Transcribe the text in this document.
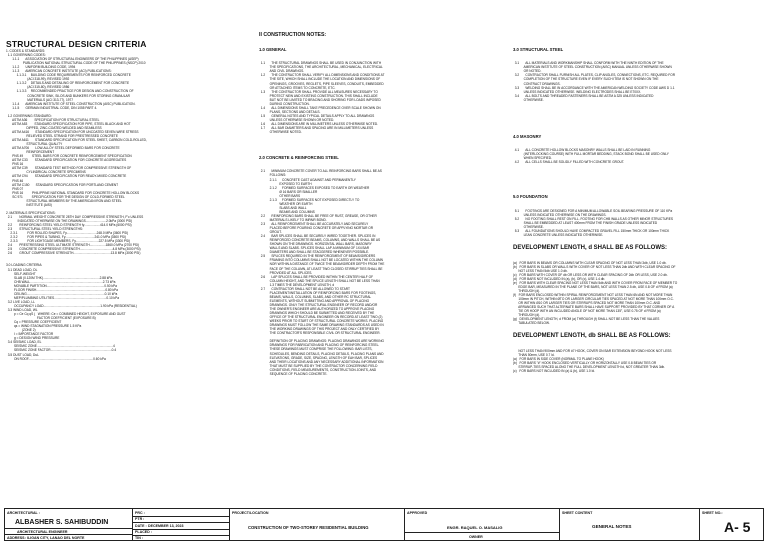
STRUCTURAL DESIGN CRITERIA
1. CODES & STANDARDS:
1.1 GOVERNING CODES:
1.1.1       ASSOCIATION OF STRUCTURAL ENGINEERS OF THE PHILIPPINES (ASEP)
PUBLICATION NATIONAL STRUCTURAL CODE OF THE PHILIPPINES (NSCP) 2010
1.1.2       UNIFORM BUILDING CODE, 1994
1.1.3       AMERICAN CONCRETE INSTITUTE (ACI) PUBLICATIONS:
1.1.3.1     BUILDING CODE REQUIREMENTS FOR REINFORCED CONCRETE
(ACI 318-99), REVISED 1992
1.1.3.2     DETAILS AND DETAILING OF REINFORCEMENT FOR CONCRETE
(ACI 315-80), REVISED 1986
1.1.3.3     RECOMMENDED PRACTICE FOR DESIGN AND CONSTRUCTION OF
CONCRETE SINK, SILOS AND BUNKERS FOR STORING GRANULAR
MATERIALS (ACI 313-77), 1977
1.1.4       AMERICAN INSTITUTE OF STEEL CONSTRUCTION (AISC) PUBLICATION.
1.1.5       GERMAN INDUSTRIAL CODE, DIN 1055 PART 4.

1.2 GOVERNING STANDARD:
ASTM A36        SPECIFICATION FOR STRUCTURAL STEEL
ASTM A53        STANDARD SPECIFICATION FOR PIPE, STEEL BLACK AND HOT
DIPPED, ZINC-COATED WELDED AND SEAMLESS
ASTM A416       STANDARD SPECIFICATION FOR UNCOATED SEVEN-WIRE STRESS
RELIEVED STEEL STRAND FOR PRESTRESSED CONCRETE
ASTM A611       STANDARD SPECIFICATION FOR STEEL SHEET, CARBON COLD-ROLLED,
STRUCTURAL QUALITY
ASTM A706       LOW-ALLOY STEEL DEFORMED BARS FOR CONCRETE
REINFORCEMENT
PNS 49          STEEL BARS FOR CONCRETE REINFORCEMENT SPECIFICATION
ASTM C33        STANDARD SPECIFICATION FOR CONCRETE AGGREGATES
PNS 16
ASTM C39        STANDARD TEST METHOD FOR COMPRESSIVE STRENGTH OF
CYLINDRICAL CONCRETE SPECIMENS
ASTM C94        STANDARD SPECIFICATION FOR READY-MIXED CONCRETE
PNS 46
ASTM C150       STANDARD SPECIFICATION FOR PORTLAND CEMENT
PNS 07
PNS 16          PHILIPPINE NATIONAL STANDARD FOR CONCRETE HOLLOW BLOCKS
SC 971          SPECIFICATION FOR THE DESIGN OF COLD-FORMED STEEL
STRUCTURAL MEMBERS BY THE AMERICAN IRON AND STEEL
INSTITUTE (AISI)

2. MATERIALS SPECIFICATIONS:
2.1        NORMAL WEIGHT CONCRETE 28TH DAY COMPRESSIVE STRENGTH, F'c UNLESS
INDICATED OTHERWISE ON THE DRAWINGS.......................2.0kPa (3000 PSI)
2.2        REINFORCING STEEL YIELD STRENGTH fy..................414.0 MPa (6000 PSI)
2.3        STRUCTURAL STEEL YIELD STRENGTHS:
2.3.1           FOR ROLLED SHAPES, Fy..................................248.0 MPa (3600 PSI)
2.3.2           FOR PIPES & TUBING, Fy.................................241.0 MPa (3500 PSI)
2.3.3           FOR LIGHTGAGE MEMBERS, Fy..........................227.5 MPa (3300 PSI)
2.4        PRESTRESSING STEEL ULTIMATE STRENGTH..................1860.0 MPa (2700 PSI)
2.5        CONCRETE COMPRESSIVE STRENGTH.....................................4.8 MPa (3000 PSI)
2.6        GROUT COMPRESSIVE STRENGTH..........................................13.8 MPa (3000 PSI)

3.0 LOADING CRITERIA:
3.1 DEAD LOAD, DL
SELF-WEIGHT
SLAB (0.120M THK)................................................................2.88 kPa
CHB WALL..................................................................................2.73 kPa
MOVABLE PARTITION.................................................................0.50 kPa
FLOOR FINISH..............................................................................0.80 kPa
CEILING........................................................................................0.10 kPa
MEP/PLUMBING UTILITIES...........................................................0.10 kPa
3.2 LIVE LOAD, LL
OCCUPANCY LOAD................................................................1.90 kPa (RESIDENTIAL)
3.3 WIND LOAD, WL
p = Ce Cq qS (   WHERE: Ce = COMBINED HEIGHT, EXPOSURE AND GUST
FACTOR COEFFICIENT (EXPOSURE B)
Cq = PRESSURE COEFFICIENT
qs = WIND STAGNATION PRESSURE 1.5 KPa
(ZONE 2)
I = IMPORTANCE FACTOR
g = DESIGN WIND PRESSURE
3.4 SEISMIC LOAD, EL
SEISMIC ZONE......................................................................................4
SEISMIC ZONE FACTOR.....................................................................0.4
3.5 DUST LOAD, DuL
ON ROOF.........................................................................0.60 kPa

II CONSTRUCTION NOTES:

1.0 GENERAL

1.1       THE STRUCTURAL DRAWINGS SHALL BE USED IN CONJUNCTION WITH
THE SPECIFICATIONS, THE ARCHITECTURAL, MECHANICAL, ELECTRICAL
AND CIVIL DRAWINGS.
1.2       THE CONTRACTOR SHALL VERIFY ALL DIMENSIONS AND CONDITIONS AT
THE SITE, WHICH SHALL INCLUDE THE LOCATION AND DIMENSIONS OF
OPENINGS, GROOVES, REGLETS, PIPE SLEEVES, CONDUITS, EMBEDDED
OR ATTACHED ITEMS TO CONCRETE, ETC.
1.3       THE CONTRACTOR SHALL PROVIDE ALL MEASURES NECESSARY TO
PROTECT NEW AND EXISTING CONSTRUCTION. THIS SHALL INCLUDE
BUT NOT BE LIMITED TO BRACING AND SHORING FOR LOADS IMPOSED
DURING CONSTRUCTION.
1.4       ALL DIMENSIONS SHALL TAKE PRECEDENCE OVER SCALE SHOWN ON
PLANS, SECTIONS AND DETAILS.
1.5       GENERAL NOTES AND TYPICAL DETAILS APPLY TO ALL DRAWINGS
UNLESS OTHERWISE SHOWN OR NOTED.
1.6       ALL DIMENSIONS ARE IN MILLIMETERS UNLESS OTHERWISE NOTED.
1.7       ALL BAR DIAMETERS AND SPACING ARE IN MILLIMETERS UNLESS
OTHERWISE NOTED.

2.0 CONCRETE & REINFORCING STEEL

2.1       MINIMUM CONCRETE COVER TO ALL REINFORCING BARS SHALL BE AS
FOLLOWS:
2.1.1      CONCRETE CAST AGAINST AND PERMANENTLY
EXPOSED TO EARTH
2.1.2      FORMED SURFACES EXPOSED TO EARTH OR WEATHER
Ø 16 BARS OR SMALLER
OTHER BARS
2.1.3      FORMED SURFACES NOT EXPOSED DIRECTLY TO
WEATHER OR EARTH
SLABS AND WALL
BEAMS AND COLUMNS
2.2       REINFORCING BARS SHALL BE FREE OF RUST, GREASE, OR OTHER
MATERIALS LIKELY TO IMPAIR BOND.
2.3       ALL REINFORCEMENT SHALL BE ACCURATELY AND SECURELY
PLACED BEFORE POURING CONCRETE OR APPLYING MORTAR OR
GROUT.
2.4       BAR SPLICES SHALL BE SECURELY WIRED TOGETHER. SPLICES IN
REINFORCED CONCRETE BEAMS, COLUMNS, AND WALLS SHALL BE AS
SHOWN ON THE DRAWINGS. HORIZONTAL WALL BARS, MASONRY
WALLS AND SLABS. SPLICES SHALL LAP A MINIMUM OF 1X4 BAR
DIAMETERS AND SHALL BE STAGGERED WHENEVER POSSIBLE.
2.5       SPLICES REQUIRED IN THE REINFORCEMENT OF BEAMS/GIRDERS
FRAMING INTO COLUMNS SHALL NOT BE LOCATED WITHIN THE COLUMN
NOR WITHIN A DISTANCE OF TWICE THE BEAM/GIRDER DEPTH FROM THE
FACE OF THE COLUMN, AT LEAST TWO CLOSED STIRRUP TIES SHALL BE
PROVIDED AT ALL SPLICES.
2.6       LAP SPLICES SHALL BE PROVIDED WITHIN THE CENTER HALF OF
COLUMN HEIGHT, AND THE SPLICE LENGTH SHALL NOT BE LESS THAN
1.3 TIMES THE DEVELOPMENT LENGTH, d
2.7       CONTRACTOR SHALL NOT BE ALLOWED TO START
PLACEMENT/INSTALLATION OF REINFORCING BARS FOR FOOTINGS,
BEAMS, WALLS, COLUMNS, SLABS, AND OTHER RC STRUCTURAL
ELEMENTS, WITHOUT SUBMITTING AND APPROVAL OF PLACING
DRAWINGS. ONLY THE STRUCTURAL ENGINEER OF RECORD AND/OR
THE OWNER'S ENGINEER ARE AUTHORIZED TO APPROVE PLACING
DRAWINGS WHICH SHOULD BE SUBMITTED AND RECEIVED BY THE
OFFICE OF THE STRUCTURAL ENGINEER ON RECORD AT LEAST TWO (2)
WEEKS PRIOR TO START OF STRUCTURAL CONCRETE WORKS. PLACING
DRAWINGS MUST FOLLOW THE SAME DRAWING STANDARDS AS USED IN
THE WORKING DRAWINGS OF THIS PROJECT AND ONLY CERTIFIED BY
THE CONTRACTOR'S RESPONSIBLE CIVIL OR STRUCTURAL ENGINEER.

DEFINITION OF PLACING DRAWINGS: PLACING DRAWINGS ARE WORKING
DRAWINGS FOR FABRICATION AND PLACING OF REINFORCING STEEL.
THESE DRAWINGS MUST COMPRISE THE FOLLOWING: BAR LISTS,
SCHEDULES, BENDING DETAILS, PLACING DETAILS, PLACING PLANS AND
ELEVATIONS, GRADE, SIZE, SPACING, LENGTH OF EAH BAR, SPLICES
AND THEIR LOCATIONS AND ANY NECESSARY ADDITIONAL INFORMATION
THAT MUST BE SUPPLIED BY THE CONTRACTOR CONCERNING FIELD
CONDITIONS, FIELD MEASUREMENTS, CONSTRUCTION JOINTS, AND
SEQUENCE OF PLACING CONCRETE.

3.0 STRUCTURAL STEEL

3.1       ALL MATERIALS AND WORKMANSHIP SHALL CONFORM WITH THE NINTH EDITION OF THE
AMERICAN INSTITUTE OF STEEL CONSTRUCTION (AISC) MANUAL UNLESS OTHERWISE SHOWN
OR NOTED.
3.2       CONTRACTOR SHALL FURNISH ALL PLATES, CLIP ANGLES, CONNECTIONS, ETC. REQUIRED FOR
COMPLETION OF THE STRUCTURE EVEN IF EVERY SUCH ITEM IS NOT SHOWN ON THE
CONTRACT DRAWINGS.
3.3       WELDING SHALL BE IN ACCORDANCE WITH THE AMERICAN WELDING SOCIETY CODE AWS D 1.1
UNLESS INDICATED OTHERWISE. WELDING ELECTRODES SHALL BE E70XX.
3.4       ALL BOLTS AND THREADED FASTENERS SHALL BE ASTM A 325 UNLESS INDICATED
OTHERWISE.

4.0 MASONRY

4.1       ALL CONCRETE HOLLOW BLOCKS MASONRY WALLS SHALL BE LAID IN RUNNING
(INTERLOCKING COURSE) WITH FULL MORTAR BEDDING, STACK BOND SHALL BE USED ONLY
WHEN SPECIFIED.
4.2       ALL CELLS SHALL BE SOLIDLY FILLED WITH CONCRETE GROUT.

5.0 FOUNDATION

5.1       FOOTINGS ARE DESIGNED FOR A MINIMUM ALLOWABLE SOIL BEARING PRESSURE OF 110 KPa
UNLESS INDICATED OTHERWISE ON THE DRAWINGS.
5.2       NO FOOTING SHALL REST ON FILL. FOOTING FOR CHB WALLS AS OTHER MINOR STRUCTURES
SHALL BE EMBEDDED AT LEAST 400mm FROM THE FINISH GRADE UNLESS INDICATED
OTHERWISE.
5.3       ALL FOUNDATIONS SHOULD HAVE COMPACTED GRAVEL FILL 150mm THICK OR 100mm THICK
LEAN CONCRETE UNLESS INDICATED OTHERWISE.

DEVELOPMENT LENGTH, d SHALL BE AS FOLLOWS:

(a)   FOR BARS IN BEAMS OR COLUMNS WITH CLEAR SPACING OF NOT LESS THAN 3db, USE 1.0 db.
(b)   FOR BARS IN SLABS OR WALLS WITH COVER OF NOT LESS THAN 2db AND WITH CLEAR SPACING OF
NOT LESS THAN 5db USE 1.0 db.
(c)   FOR BARS WITH COVER OF db OR LESS OR WITH CLEAR SPACING OF 2db OR LESS, USE 2.0 db.
(d)   FOR BARS NOT INCLUDED IN (a), (b), OR (c), USE 1.4 db.
(e)   FOR BARS WITH CLEAR SPACING NOT LESS THAN 5db AND WITH COVER FROM FACE OF MEMBER TO
EDGE BAR, MEASURED IN THE PLANE OF THE BARS, NOT LESS THAN 2.5 db, USE 0.8 OF d FROM (a)
THROUGH (d).
(f)   FOR BARS ENCLOSED WITHIN SPIRAL REINFORCEMENT NOT LESS THAN 6N AND NOT MORE THAN
100mm IN PITCH, WITHIN ØTO OR LARGER CIRCULAR TIES SPACED AT NOT MORE THAN 100mm O.C.
OR WITHIN Ø10 OR LARGER TIES OR STIRRUPS SPACED NOT MORE THAN 100mm O.C. AND
ARRANGED SUCH THAT ALTERNATE BARS SHALL HAVE SUPPORT PROVIDED BY THAT CORNER OF A
TIE OR HOOP WITH AN INCLUDED ANGLE OF NOT MORE THAN 135°, USE 0.75 OF d FROM (a)
THROUGH (d).
(g)   DEVELOPMENT LENGTH, d FROM (a) THROUGH (f) SHALL NOT BE LESS THAN THE VALUES
TABULATED BELOW.

DEVELOPMENT LENGTH, db SHALL BE AS FOLLOWS:

NOT LESS THAN 900mm AND FOR #7 HOOK, COVER ON BAR EXTENSION BEYOND HOOK NOT LESS
THAN 50mm, USE 0.7 ld.
(a)   FOR BARS IN SIDE COVER (NORMAL TO PLANE HOOK)
(b)   FOR BARS "#" HOOK ENCLOSED VERTICALLY OR HORIZONTALLY USE 0.8 BEAM TIES OR
STIRRUP-TIES SPACED ALONG THE FULL DEVELOPMENT LENGTH ld, NOT GREATER THAN 3db.
(c)   FOR BARS NOT INCLUDED IN (a) & (b), USE 1.0 ld.

ARCHITECTURAL :
ALBASHER S. SAHIBUDDIN
ARCHITECTURAL ENGINEER
ADDRESS: ILIGAN CITY, LANAO DEL NORTE
PRC :
PTR :
DATE : DECEMBER 13, 2023
PLACED :
TIN :
PROJECT/LOCATION
CONSTRUCTION OF TWO-STOREY RESIDENTIAL BUILDING
APPROVED
ENGR. RAQUEL O. MASALIG
OWNER
SHEET CONTENT
GENERAL NOTES
SHEET NO.:
A- 5
